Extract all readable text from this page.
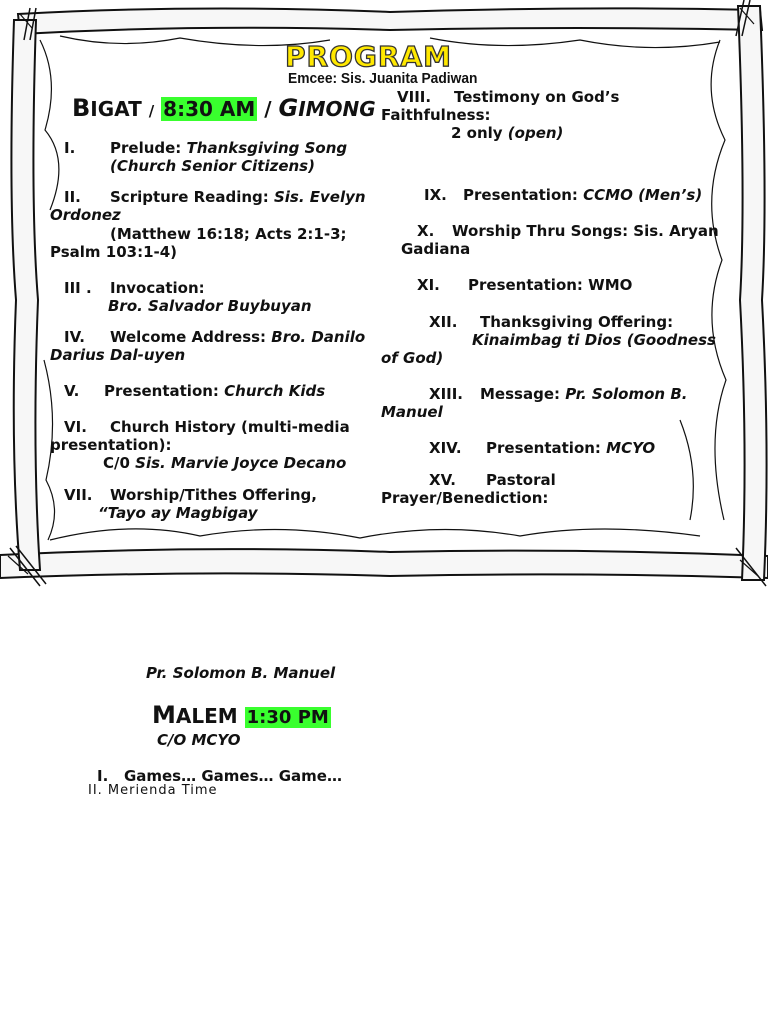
PROGRAM
Emcee: Sis. Juanita Padiwan
BIGAT / 8:30 AM / GIMONG
I. Prelude: Thanksgiving Song
(Church Senior Citizens)
II. Scripture Reading: Sis. Evelyn
Ordonez
(Matthew 16:18; Acts 2:1-3;
Psalm 103:1-4)
III . Invocation:
Bro. Salvador Buybuyan
IV. Welcome Address: Bro. Danilo
Darius Dal-uyen
V. Presentation: Church Kids
VI. Church History (multi-media
presentation):
C/0 Sis. Marvie Joyce Decano
VII. Worship/Tithes Offering,
“Tayo ay Magbigay
VIII. Testimony on God’s
Faithfulness:
2 only (open)
IX. Presentation: CCMO (Men’s)
X. Worship Thru Songs: Sis. Aryan
Gadiana
XI. Presentation: WMO
XII. Thanksgiving Offering:
Kinaimbag ti Dios (Goodness
of God)
XIII. Message: Pr. Solomon B.
Manuel
XIV. Presentation: MCYO
XV. Pastoral
Prayer/Benediction:
Pr. Solomon B. Manuel
MALEM 1:30 PM
C/O MCYO
I.   Games… Games… Game…
II. Merienda Time
